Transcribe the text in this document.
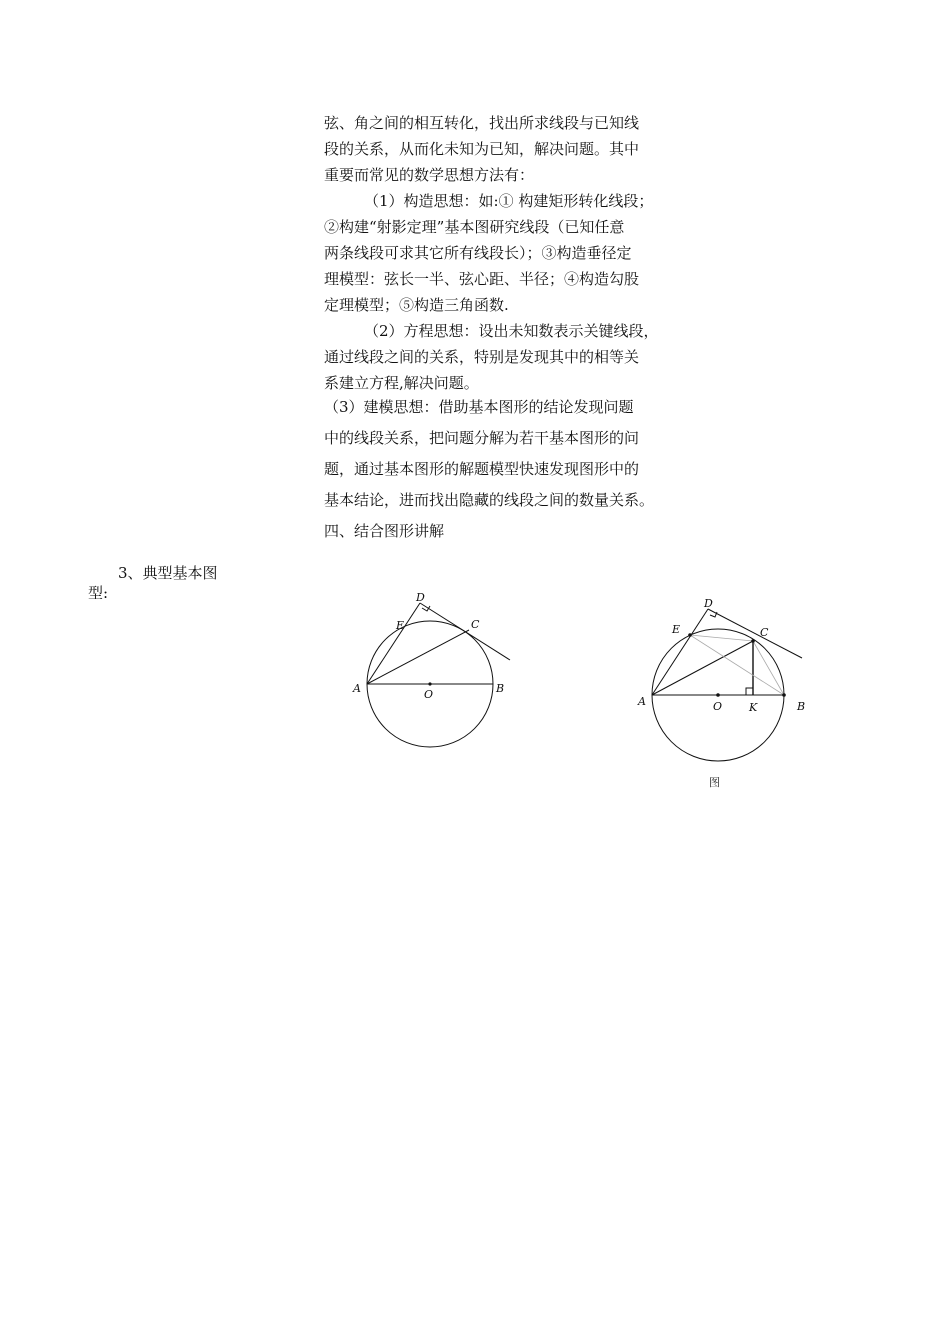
弦、角之间的相互转化，找出所求线段与已知线
段的关系，从而化未知为已知，解决问题。其中
重要而常见的数学思想方法有：
（1）构造思想：如:① 构建矩形转化线段；
②构建“射影定理”基本图研究线段（已知任意
两条线段可求其它所有线段长）；③构造垂径定
理模型：弦长一半、弦心距、半径；④构造勾股
定理模型；⑤构造三角函数.
（2）方程思想：设出未知数表示关键线段，
通过线段之间的关系，特别是发现其中的相等关
系建立方程,解决问题。
（3）建模思想：借助基本图形的结论发现问题
中的线段关系，把问题分解为若干基本图形的问
题，通过基本图形的解题模型快速发现图形中的
基本结论，进而找出隐藏的线段之间的数量关系。
四、结合图形讲解
3、典型基本图
型:	D
E	C
A	O	B
D
E	C
A	O K	B
图
